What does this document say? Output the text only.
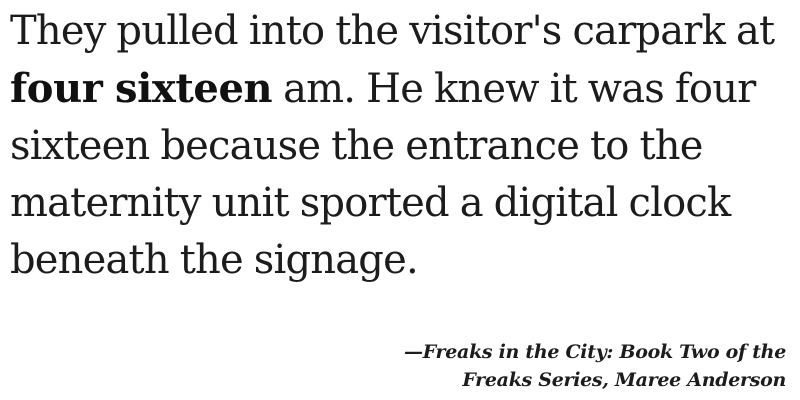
They pulled into the visitor's carpark at four sixteen am. He knew it was four sixteen because the entrance to the maternity unit sported a digital clock beneath the signage.

—Freaks in the City: Book Two of the
Freaks Series, Maree Anderson
